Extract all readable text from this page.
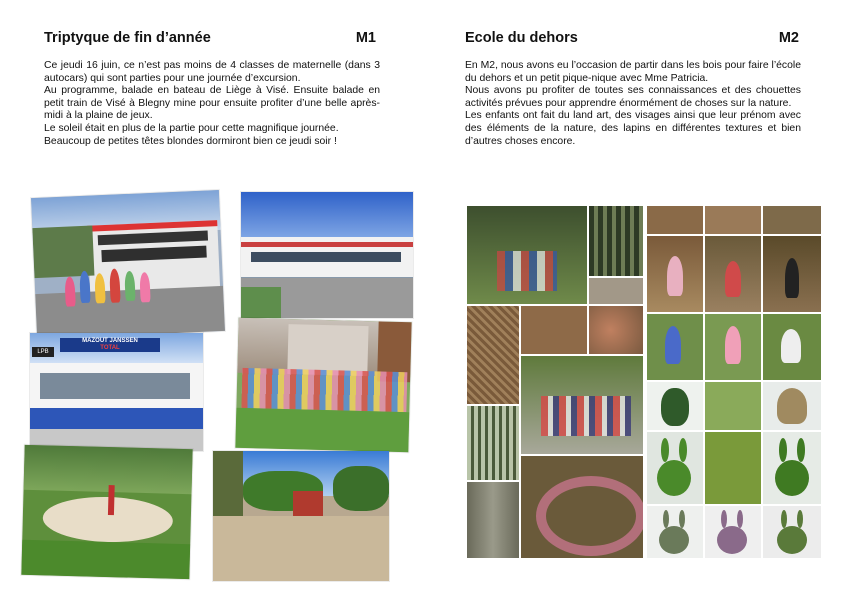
Triptyque de fin d’année	M1

Ce jeudi 16 juin, ce n’est pas moins de 4 classes de maternelle (dans 3 autocars) qui sont parties pour une journée d’excursion.

Au programme, balade en bateau de Liège à Visé. Ensuite balade en petit train de Visé à Blegny mine pour ensuite profiter d’une belle après-midi à la plaine de jeux.

Le soleil était en plus de la partie pour cette magnifique journée.

Beaucoup de petites têtes blondes dormiront bien ce jeudi soir !

MAZOUT JANSSEN
TOTAL
LPB
Ecole du dehors	M2

En M2, nous avons eu l’occasion de partir dans les bois pour faire l’école du dehors et un petit pique-nique avec Mme Patricia.

Nous avons pu profiter de toutes ses connaissances et des chouettes activités prévues pour apprendre énormément de choses sur la nature.

Les enfants ont fait du land art, des visages ainsi que leur prénom avec des éléments de la nature, des lapins en différentes textures et bien d’autres choses encore.
